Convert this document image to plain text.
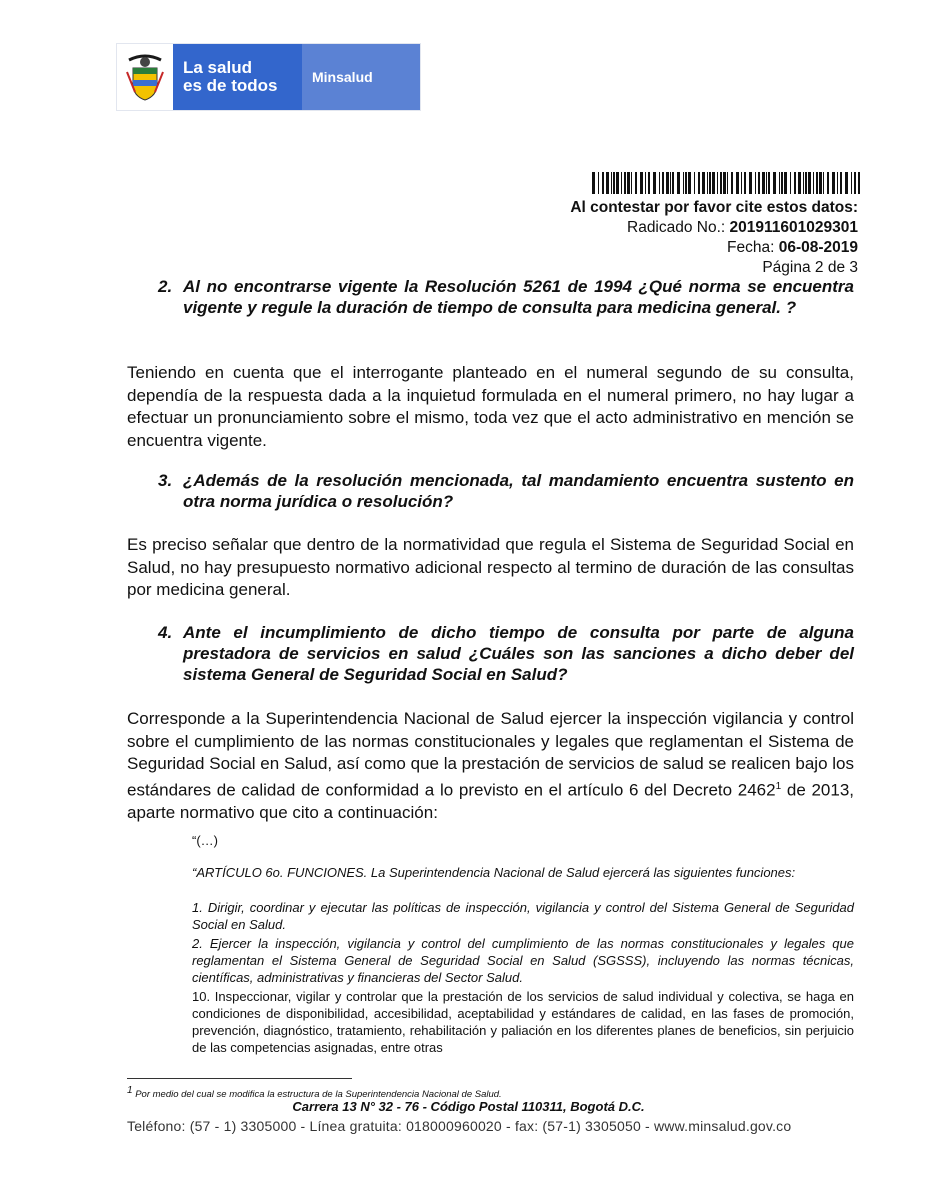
La salud
es de todos	Minsalud
Al contestar por favor cite estos datos:
Radicado No.: 201911601029301
Fecha: 06-08-2019
Página 2 de 3
2. Al no encontrarse vigente la Resolución 5261 de 1994 ¿Qué norma se encuentra vigente y regule la duración de tiempo de consulta para medicina general. ?
Teniendo en cuenta que el interrogante planteado en el numeral segundo de su consulta, dependía de la respuesta dada a la inquietud formulada en el numeral primero, no hay lugar a efectuar un pronunciamiento sobre el mismo, toda vez que el acto administrativo en mención se encuentra vigente.
3. ¿Además de la resolución mencionada, tal mandamiento encuentra sustento en otra norma jurídica o resolución?
Es preciso señalar que dentro de la normatividad que regula el Sistema de Seguridad Social en Salud, no hay presupuesto normativo adicional respecto al termino de duración de las consultas por medicina general.
4. Ante el incumplimiento de dicho tiempo de consulta por parte de alguna prestadora de servicios en salud ¿Cuáles son las sanciones a dicho deber del sistema General de Seguridad Social en Salud?
Corresponde a la Superintendencia Nacional de Salud ejercer la inspección vigilancia y control sobre el cumplimiento de las normas constitucionales y legales que reglamentan el Sistema de Seguridad Social en Salud, así como que la prestación de servicios de salud se realicen bajo los estándares de calidad de conformidad a lo previsto en el artículo 6 del Decreto 2462$^1$ de 2013, aparte normativo que cito a continuación:
“(…)
“ARTÍCULO 6o. FUNCIONES. La Superintendencia Nacional de Salud ejercerá las siguientes funciones:
1. Dirigir, coordinar y ejecutar las políticas de inspección, vigilancia y control del Sistema General de Seguridad Social en Salud.
2. Ejercer la inspección, vigilancia y control del cumplimiento de las normas constitucionales y legales que reglamentan el Sistema General de Seguridad Social en Salud (SGSSS), incluyendo las normas técnicas, científicas, administrativas y financieras del Sector Salud.
10. Inspeccionar, vigilar y controlar que la prestación de los servicios de salud individual y colectiva, se haga en condiciones de disponibilidad, accesibilidad, aceptabilidad y estándares de calidad, en las fases de promoción, prevención, diagnóstico, tratamiento, rehabilitación y paliación en los diferentes planes de beneficios, sin perjuicio de las competencias asignadas, entre otras
$^1$ Por medio del cual se modifica la estructura de la Superintendencia Nacional de Salud.
Carrera 13 N° 32 - 76 - Código Postal 110311, Bogotá D.C.
Teléfono: (57 - 1) 3305000 - Línea gratuita: 018000960020 - fax: (57-1) 3305050 - www.minsalud.gov.co
